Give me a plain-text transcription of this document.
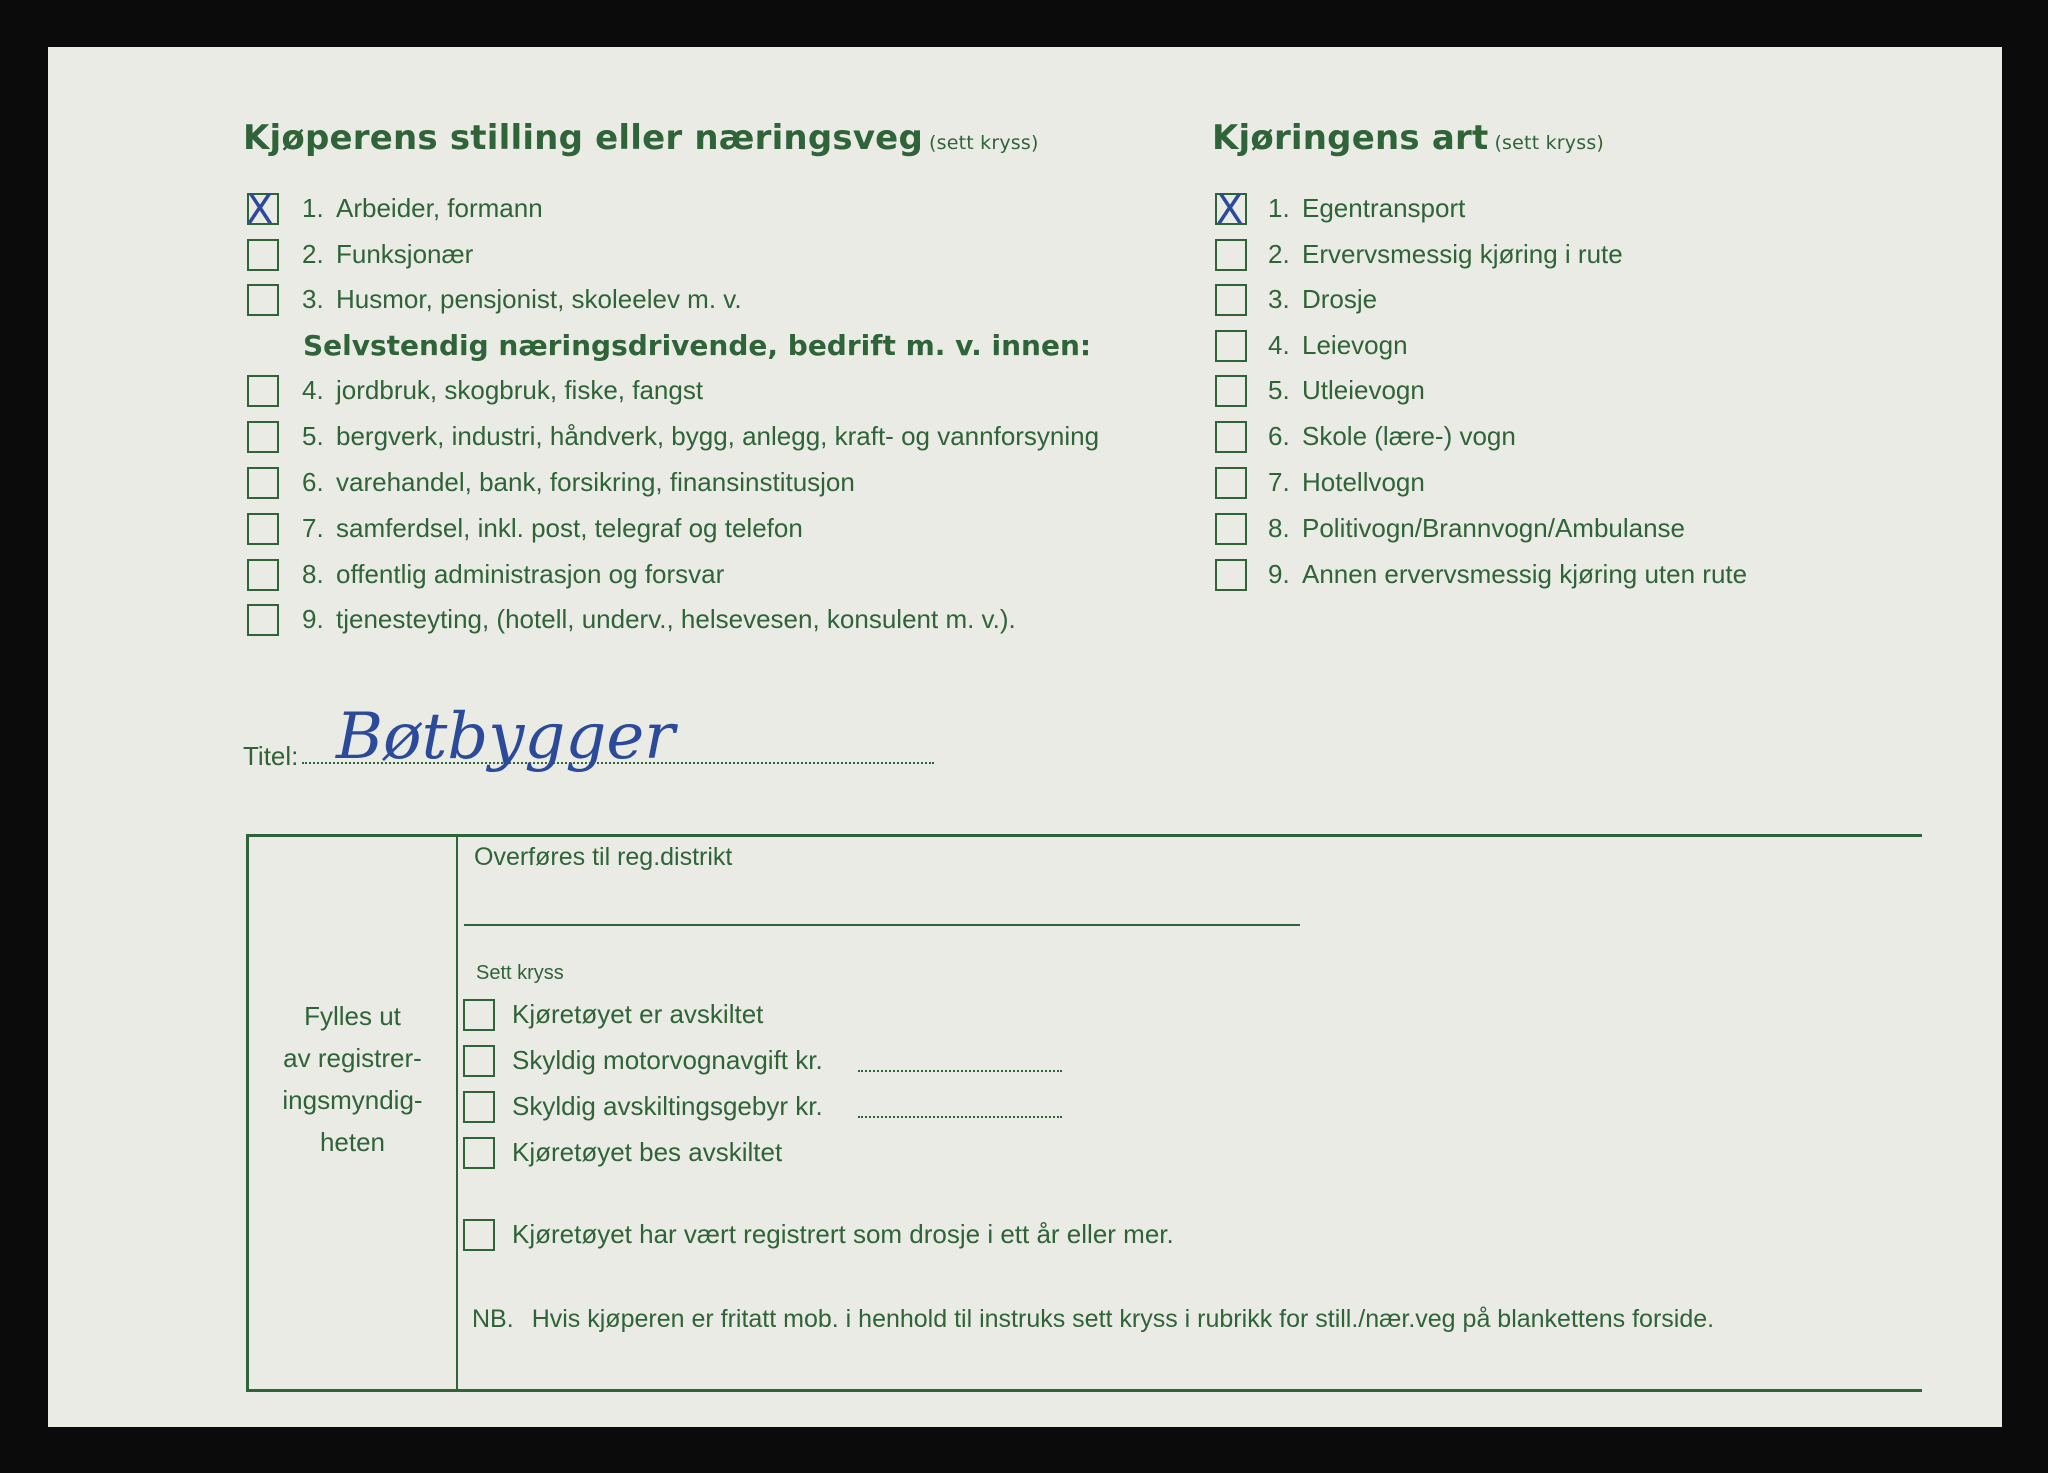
Kjøperens stilling eller næringsveg (sett kryss)
X 1. Arbeider, formann
2. Funksjonær
3. Husmor, pensjonist, skoleelev m. v.
Selvstendig næringsdrivende, bedrift m. v. innen:
4. jordbruk, skogbruk, fiske, fangst
5. bergverk, industri, håndverk, bygg, anlegg, kraft- og vannforsyning
6. varehandel, bank, forsikring, finansinstitusjon
7. samferdsel, inkl. post, telegraf og telefon
8. offentlig administrasjon og forsvar
9. tjenesteyting, (hotell, underv., helsevesen, konsulent m. v.).
Kjøringens art (sett kryss)
X 1. Egentransport
2. Ervervsmessig kjøring i rute
3. Drosje
4. Leievogn
5. Utleievogn
6. Skole (lære-) vogn
7. Hotellvogn
8. Politivogn/Brannvogn/Ambulanse
9. Annen ervervsmessig kjøring uten rute
Titel: Bøtbygger
Fylles ut
av registrer-
ingsmyndig-
heten
Overføres til reg.distrikt
Sett kryss
Kjøretøyet er avskiltet
Skyldig motorvognavgift kr.
Skyldig avskiltingsgebyr kr.
Kjøretøyet bes avskiltet
Kjøretøyet har vært registrert som drosje i ett år eller mer.
NB. Hvis kjøperen er fritatt mob. i henhold til instruks sett kryss i rubrikk for still./nær.veg på blankettens forside.
